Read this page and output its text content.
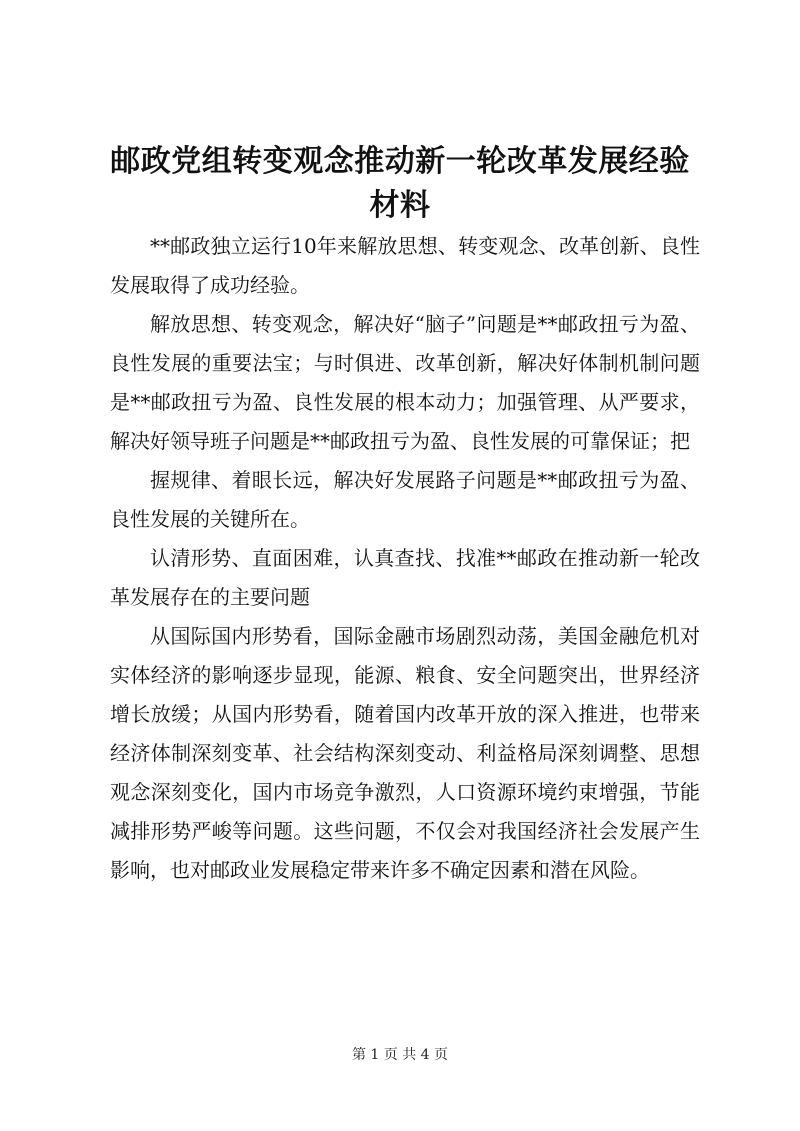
邮政党组转变观念推动新一轮改革发展经验材料

**邮政独立运行10年来解放思想、转变观念、改革创新、良性发展取得了成功经验。

解放思想、转变观念，解决好“脑子”问题是**邮政扭亏为盈、良性发展的重要法宝；与时俱进、改革创新，解决好体制机制问题是**邮政扭亏为盈、良性发展的根本动力；加强管理、从严要求，解决好领导班子问题是**邮政扭亏为盈、良性发展的可靠保证；把

握规律、着眼长远，解决好发展路子问题是**邮政扭亏为盈、良性发展的关键所在。

认清形势、直面困难，认真查找、找准**邮政在推动新一轮改革发展存在的主要问题

从国际国内形势看，国际金融市场剧烈动荡，美国金融危机对实体经济的影响逐步显现，能源、粮食、安全问题突出，世界经济增长放缓；从国内形势看，随着国内改革开放的深入推进，也带来经济体制深刻变革、社会结构深刻变动、利益格局深刻调整、思想观念深刻变化，国内市场竞争激烈，人口资源环境约束增强，节能减排形势严峻等问题。这些问题，不仅会对我国经济社会发展产生影响，也对邮政业发展稳定带来许多不确定因素和潜在风险。

第 1 页 共 4 页
